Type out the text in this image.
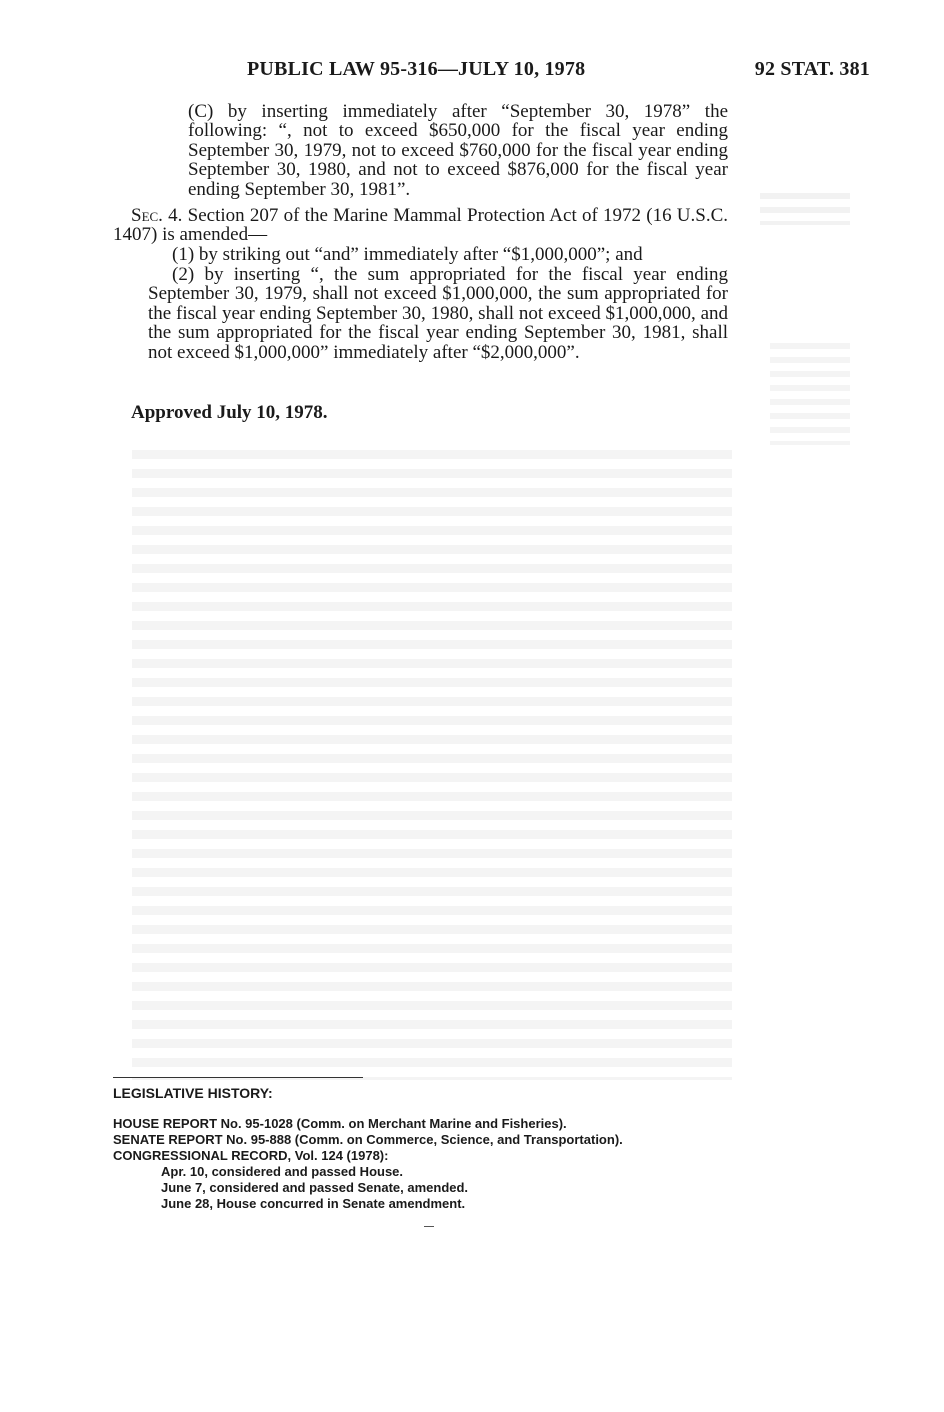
PUBLIC LAW 95-316—JULY 10, 1978	92 STAT. 381
(C) by inserting immediately after “September 30, 1978” the following: “, not to exceed $650,000 for the fiscal year ending September 30, 1979, not to exceed $760,000 for the fiscal year ending September 30, 1980, and not to exceed $876,000 for the fiscal year ending September 30, 1981”.
Sec. 4. Section 207 of the Marine Mammal Protection Act of 1972 (16 U.S.C. 1407) is amended—
(1) by striking out “and” immediately after “$1,000,000”; and
(2) by inserting “, the sum appropriated for the fiscal year ending September 30, 1979, shall not exceed $1,000,000, the sum appropriated for the fiscal year ending September 30, 1980, shall not exceed $1,000,000, and the sum appropriated for the fiscal year ending September 30, 1981, shall not exceed $1,000,000” immediately after “$2,000,000”.
Approved July 10, 1978.
LEGISLATIVE HISTORY:
HOUSE REPORT No. 95-1028 (Comm. on Merchant Marine and Fisheries).
SENATE REPORT No. 95-888 (Comm. on Commerce, Science, and Transportation).
CONGRESSIONAL RECORD, Vol. 124 (1978):
Apr. 10, considered and passed House.
June 7, considered and passed Senate, amended.
June 28, House concurred in Senate amendment.
